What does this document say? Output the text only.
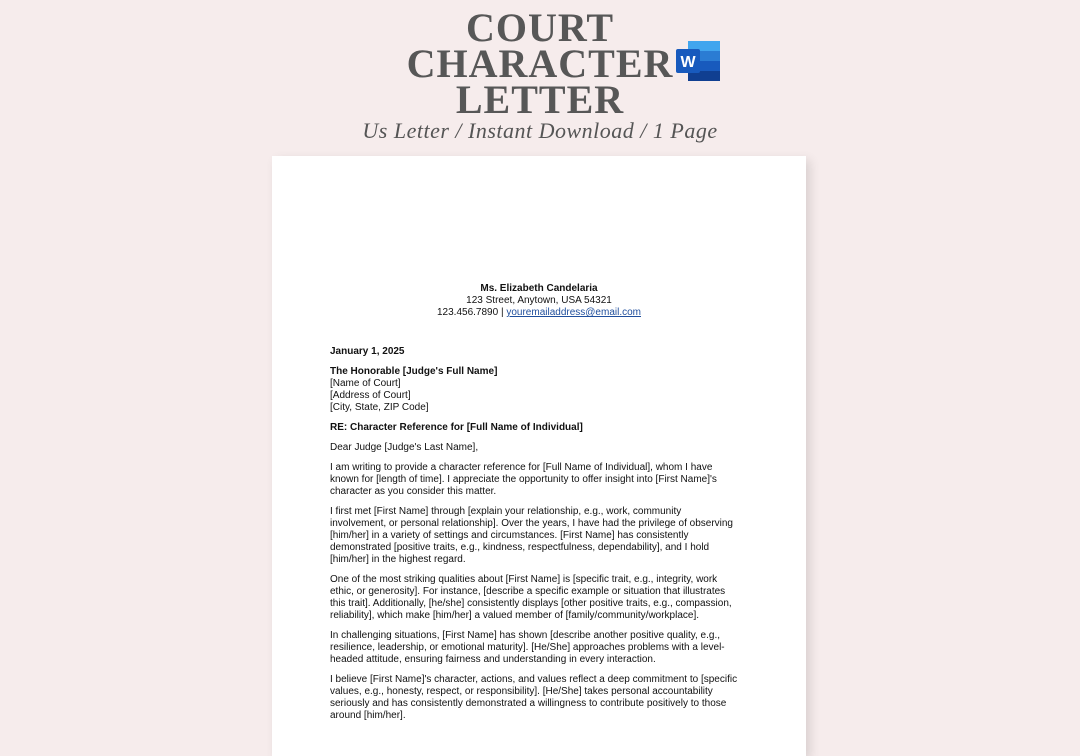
COURT
CHARACTER
LETTER
W
Us Letter / Instant Download / 1 Page
Ms. Elizabeth Candelaria
123 Street, Anytown, USA 54321
123.456.7890 | youremailaddress@email.com

January 1, 2025

The Honorable [Judge's Full Name]
[Name of Court]
[Address of Court]
[City, State, ZIP Code]

RE: Character Reference for [Full Name of Individual]

Dear Judge [Judge's Last Name],

I am writing to provide a character reference for [Full Name of Individual], whom I have known for [length of time]. I appreciate the opportunity to offer insight into [First Name]'s character as you consider this matter.

I first met [First Name] through [explain your relationship, e.g., work, community involvement, or personal relationship]. Over the years, I have had the privilege of observing [him/her] in a variety of settings and circumstances. [First Name] has consistently demonstrated [positive traits, e.g., kindness, respectfulness, dependability], and I hold [him/her] in the highest regard.

One of the most striking qualities about [First Name] is [specific trait, e.g., integrity, work ethic, or generosity]. For instance, [describe a specific example or situation that illustrates this trait]. Additionally, [he/she] consistently displays [other positive traits, e.g., compassion, reliability], which make [him/her] a valued member of [family/community/workplace].

In challenging situations, [First Name] has shown [describe another positive quality, e.g., resilience, leadership, or emotional maturity]. [He/She] approaches problems with a level-headed attitude, ensuring fairness and understanding in every interaction.

I believe [First Name]'s character, actions, and values reflect a deep commitment to [specific values, e.g., honesty, respect, or responsibility]. [He/She] takes personal accountability seriously and has consistently demonstrated a willingness to contribute positively to those around [him/her].
